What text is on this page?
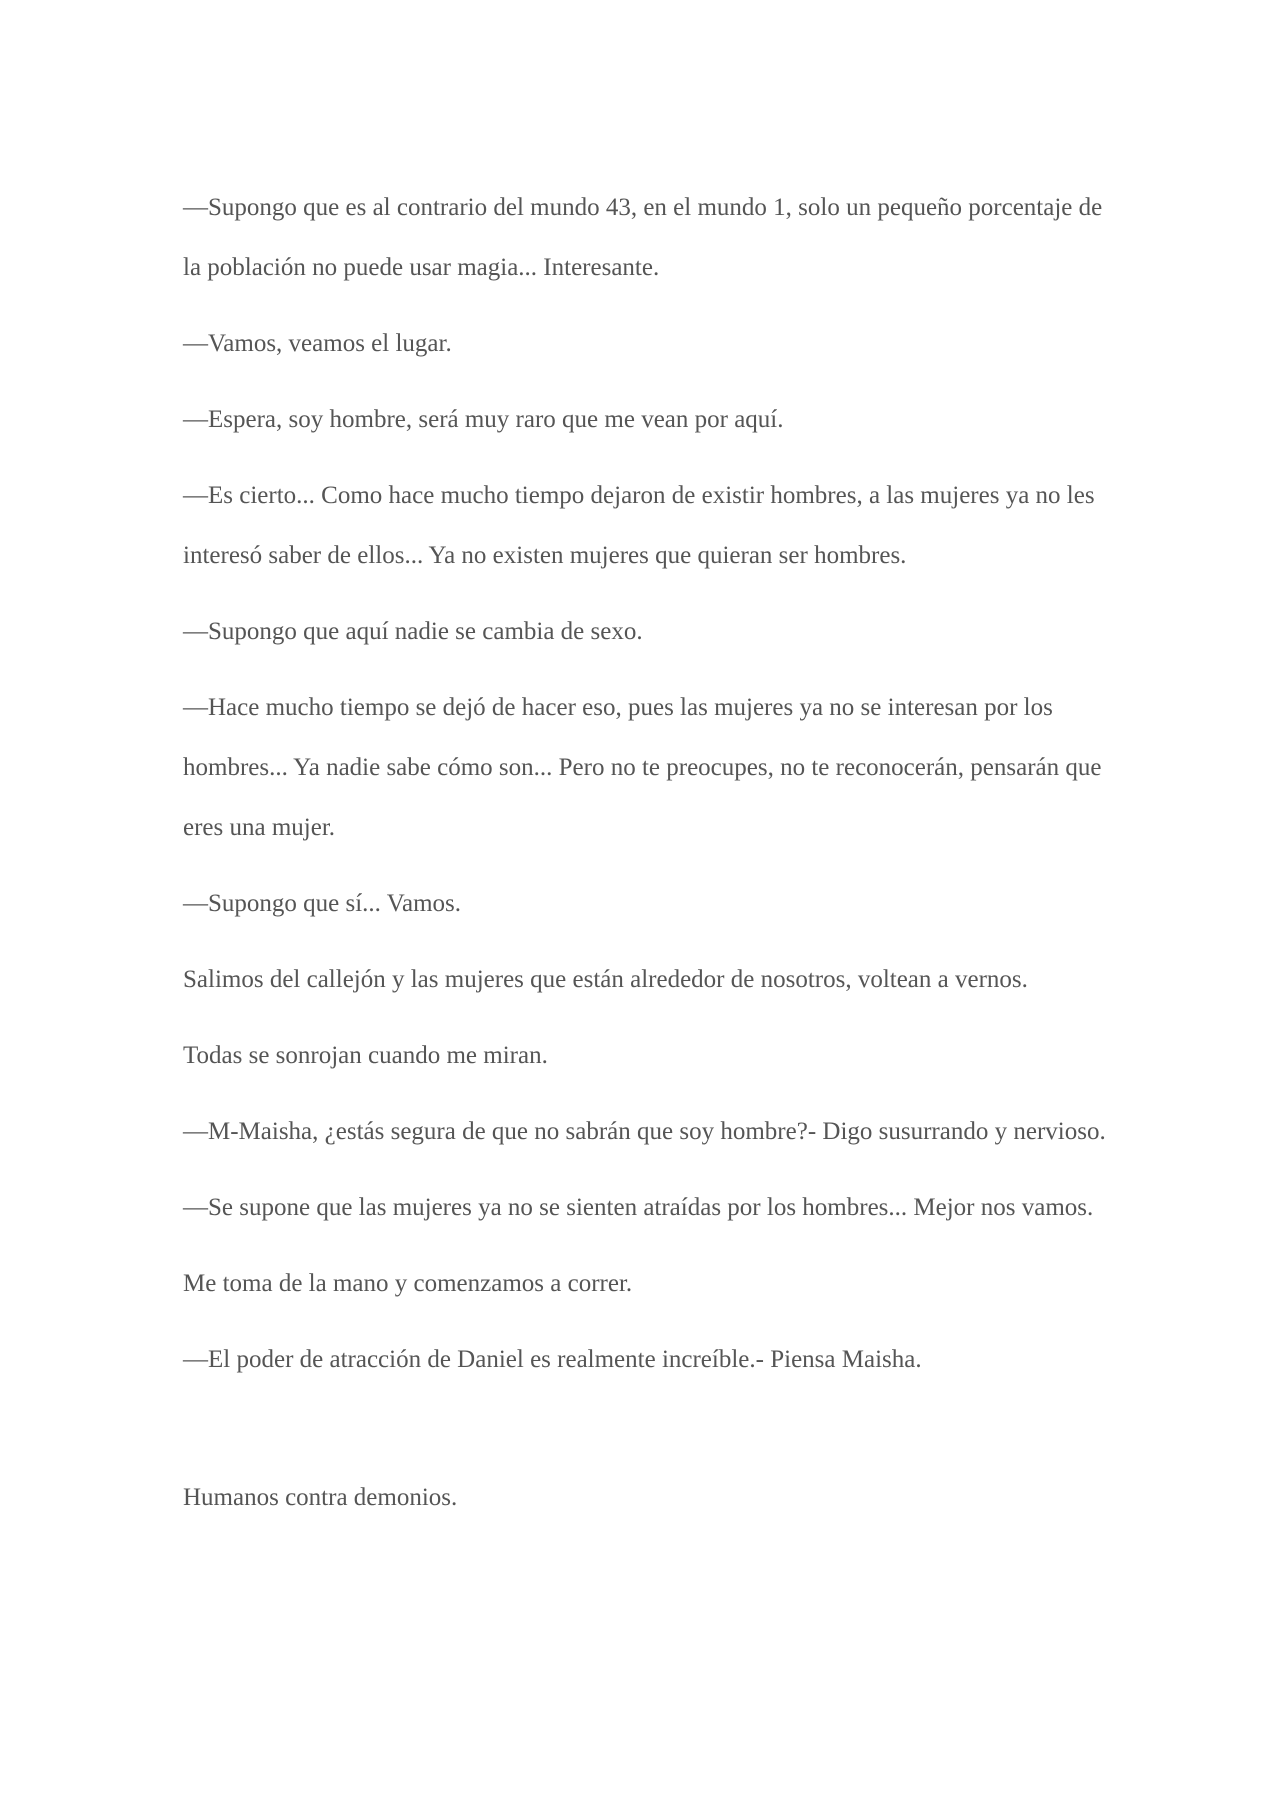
—Supongo que es al contrario del mundo 43, en el mundo 1, solo un pequeño porcentaje de la población no puede usar magia... Interesante.

—Vamos, veamos el lugar.

—Espera, soy hombre, será muy raro que me vean por aquí.

—Es cierto... Como hace mucho tiempo dejaron de existir hombres, a las mujeres ya no les interesó saber de ellos... Ya no existen mujeres que quieran ser hombres.

—Supongo que aquí nadie se cambia de sexo.

—Hace mucho tiempo se dejó de hacer eso, pues las mujeres ya no se interesan por los hombres... Ya nadie sabe cómo son... Pero no te preocupes, no te reconocerán, pensarán que eres una mujer.

—Supongo que sí... Vamos.

Salimos del callejón y las mujeres que están alrededor de nosotros, voltean a vernos.

Todas se sonrojan cuando me miran.

—M-Maisha, ¿estás segura de que no sabrán que soy hombre?- Digo susurrando y nervioso.

—Se supone que las mujeres ya no se sienten atraídas por los hombres... Mejor nos vamos.

Me toma de la mano y comenzamos a correr.

—El poder de atracción de Daniel es realmente increíble.- Piensa Maisha.

Humanos contra demonios.
